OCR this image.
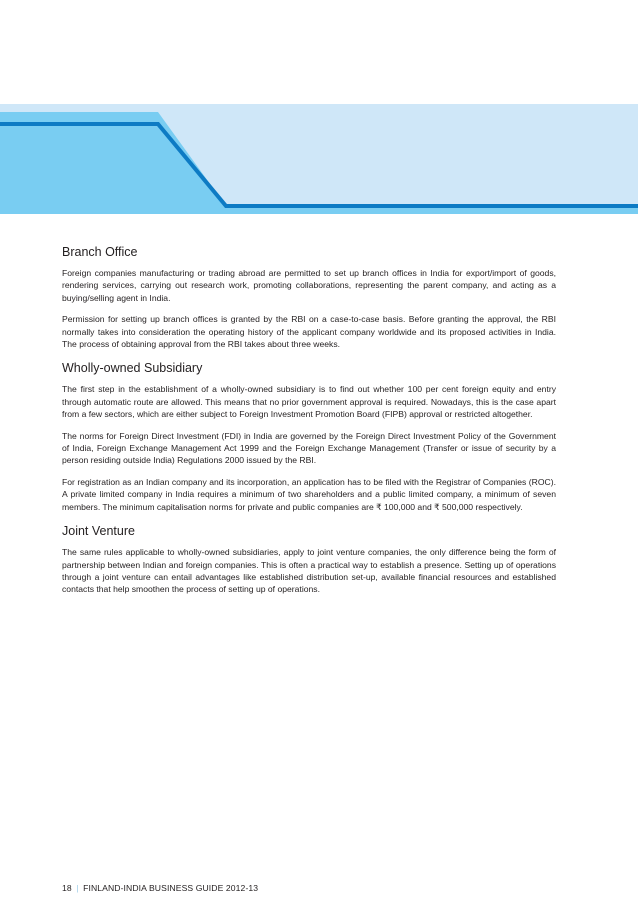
Branch Office

Foreign companies manufacturing or trading abroad are permitted to set up branch offices in India for export/import of goods, rendering services, carrying out research work, promoting collaborations, representing the parent company, and acting as a buying/selling agent in India.

Permission for setting up branch offices is granted by the RBI on a case-to-case basis. Before granting the approval, the RBI normally takes into consideration the operating history of the applicant company worldwide and its proposed activities in India. The process of obtaining approval from the RBI takes about three weeks.

Wholly-owned Subsidiary

The first step in the establishment of a wholly-owned subsidiary is to find out whether 100 per cent foreign equity and entry through automatic route are allowed. This means that no prior government approval is required. Nowadays, this is the case apart from a few sectors, which are either subject to Foreign Investment Promotion Board (FIPB) approval or restricted altogether.

The norms for Foreign Direct Investment (FDI) in India are governed by the Foreign Direct Investment Policy of the Government of India, Foreign Exchange Management Act 1999 and the Foreign Exchange Management (Transfer or issue of security by a person residing outside India) Regulations 2000 issued by the RBI.

For registration as an Indian company and its incorporation, an application has to be filed with the Registrar of Companies (ROC). A private limited company in India requires a minimum of two shareholders and a public limited company, a minimum of seven members. The minimum capitalisation norms for private and public companies are ₹ 100,000 and ₹ 500,000 respectively.

Joint Venture

The same rules applicable to wholly-owned subsidiaries, apply to joint venture companies, the only difference being the form of partnership between Indian and foreign companies. This is often a practical way to establish a presence. Setting up of operations through a joint venture can entail advantages like established distribution set-up, available financial resources and established contacts that help smoothen the process of setting up of operations.

18 | FINLAND-INDIA BUSINESS GUIDE 2012-13
